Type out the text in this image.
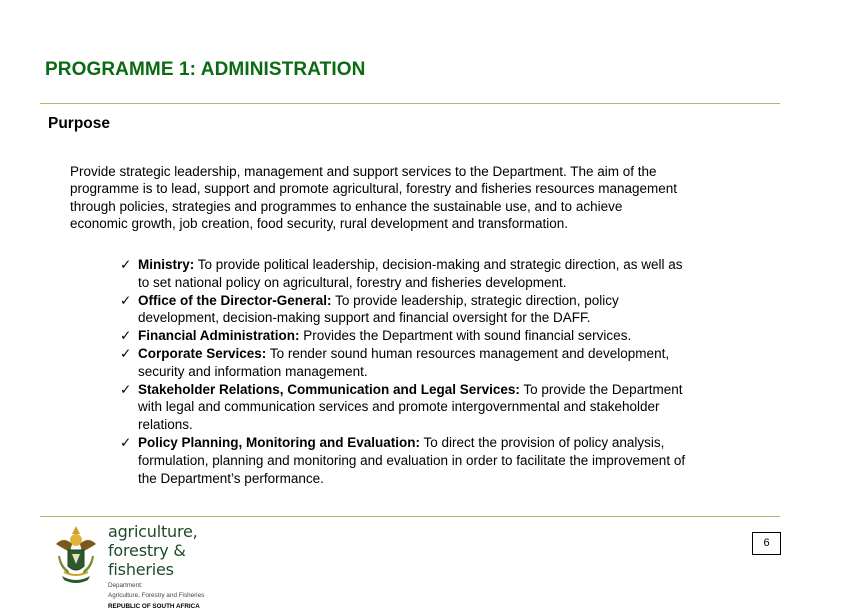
PROGRAMME 1: ADMINISTRATION
Purpose
Provide strategic leadership, management and support services to the Department. The aim of the
programme is to lead, support and promote agricultural, forestry and fisheries resources management
through policies, strategies and programmes to enhance the sustainable use, and to achieve
economic growth, job creation, food security, rural development and transformation.
✓ Ministry: To provide political leadership, decision-making and strategic direction, as well as
to set national policy on agricultural, forestry and fisheries development.
✓ Office of the Director-General: To provide leadership, strategic direction, policy
development, decision-making support and financial oversight for the DAFF.
✓ Financial Administration: Provides the Department with sound financial services.
✓ Corporate Services: To render sound human resources management and development,
security and information management.
✓ Stakeholder Relations, Communication and Legal Services: To provide the Department
with legal and communication services and promote intergovernmental and stakeholder
relations.
✓ Policy Planning, Monitoring and Evaluation: To direct the provision of policy analysis,
formulation, planning and monitoring and evaluation in order to facilitate the improvement of
the Department’s performance.
agriculture,
forestry & fisheries
Department:
Agriculture, Forestry and Fisheries
REPUBLIC OF SOUTH AFRICA
6
